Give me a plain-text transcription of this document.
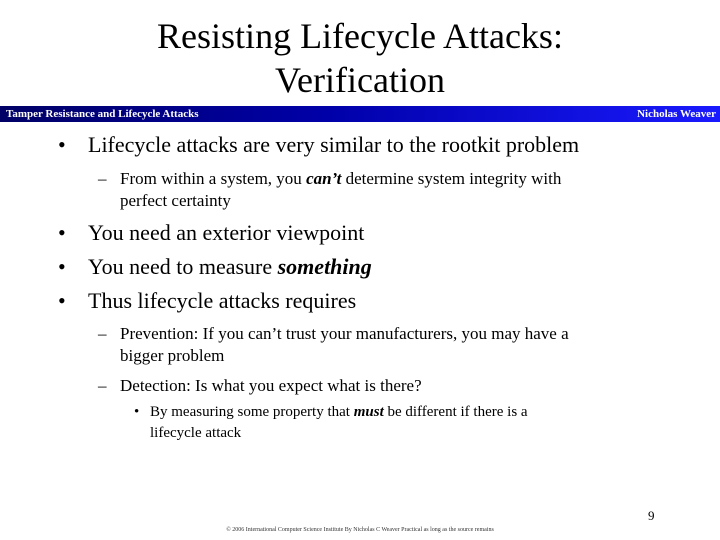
Resisting Lifecycle Attacks:
Verification
Tamper Resistance and Lifecycle Attacks	Nicholas Weaver
• Lifecycle attacks are very similar to the rootkit problem
– From within a system, you can’t determine system integrity with
perfect certainty
• You need an exterior viewpoint
• You need to measure something
• Thus lifecycle attacks requires
– Prevention: If you can’t trust your manufacturers, you may have a
bigger problem
– Detection: Is what you expect what is there?
• By measuring some property that must be different if there is a
lifecycle attack
9
© 2006 International Computer Science Institute By Nicholas C Weaver Practical as long as the source remains
